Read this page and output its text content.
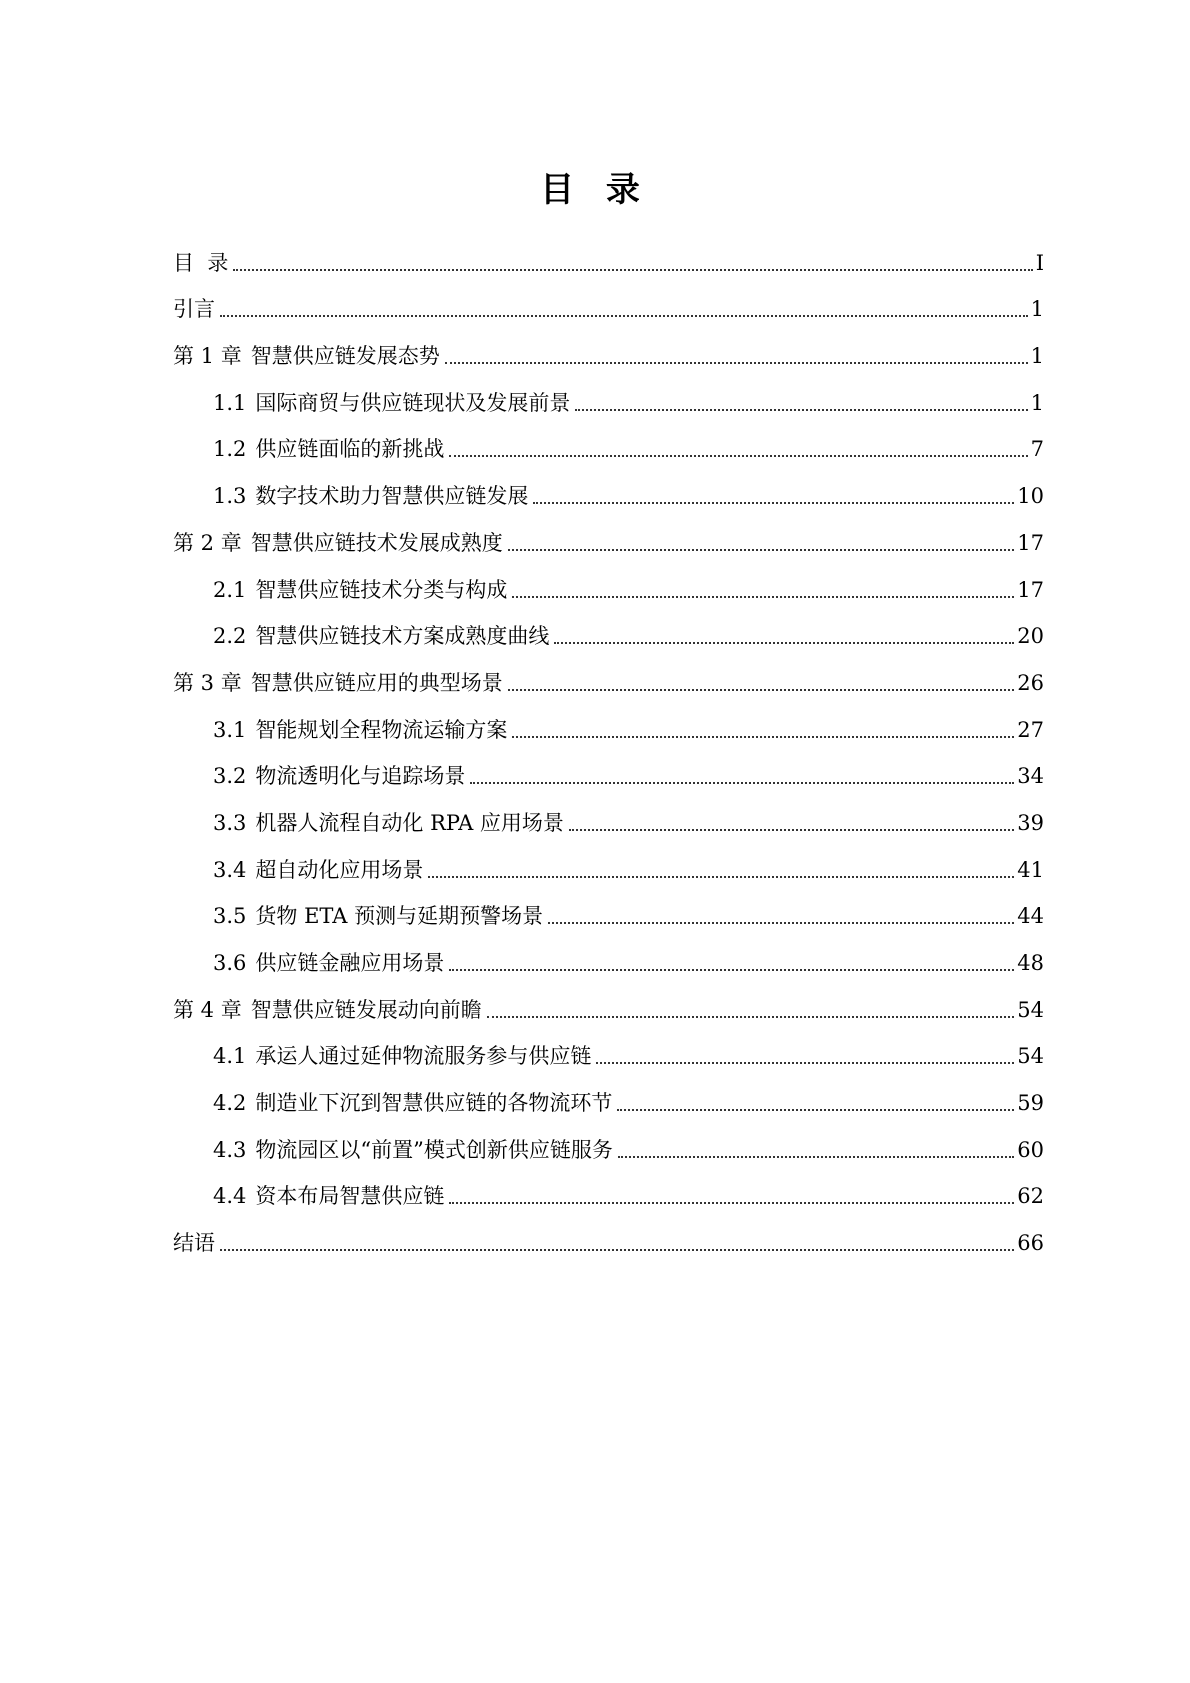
目 录
目  录	I
引言	1
第 1 章 智慧供应链发展态势	1
1.1 国际商贸与供应链现状及发展前景	1
1.2 供应链面临的新挑战	7
1.3 数字技术助力智慧供应链发展	10
第 2 章 智慧供应链技术发展成熟度	17
2.1 智慧供应链技术分类与构成	17
2.2 智慧供应链技术方案成熟度曲线	20
第 3 章 智慧供应链应用的典型场景	26
3.1 智能规划全程物流运输方案	27
3.2 物流透明化与追踪场景	34
3.3 机器人流程自动化 RPA 应用场景	39
3.4 超自动化应用场景	41
3.5 货物 ETA 预测与延期预警场景	44
3.6 供应链金融应用场景	48
第 4 章 智慧供应链发展动向前瞻	54
4.1 承运人通过延伸物流服务参与供应链	54
4.2 制造业下沉到智慧供应链的各物流环节	59
4.3 物流园区以“前置”模式创新供应链服务	60
4.4 资本布局智慧供应链	62
结语	66
